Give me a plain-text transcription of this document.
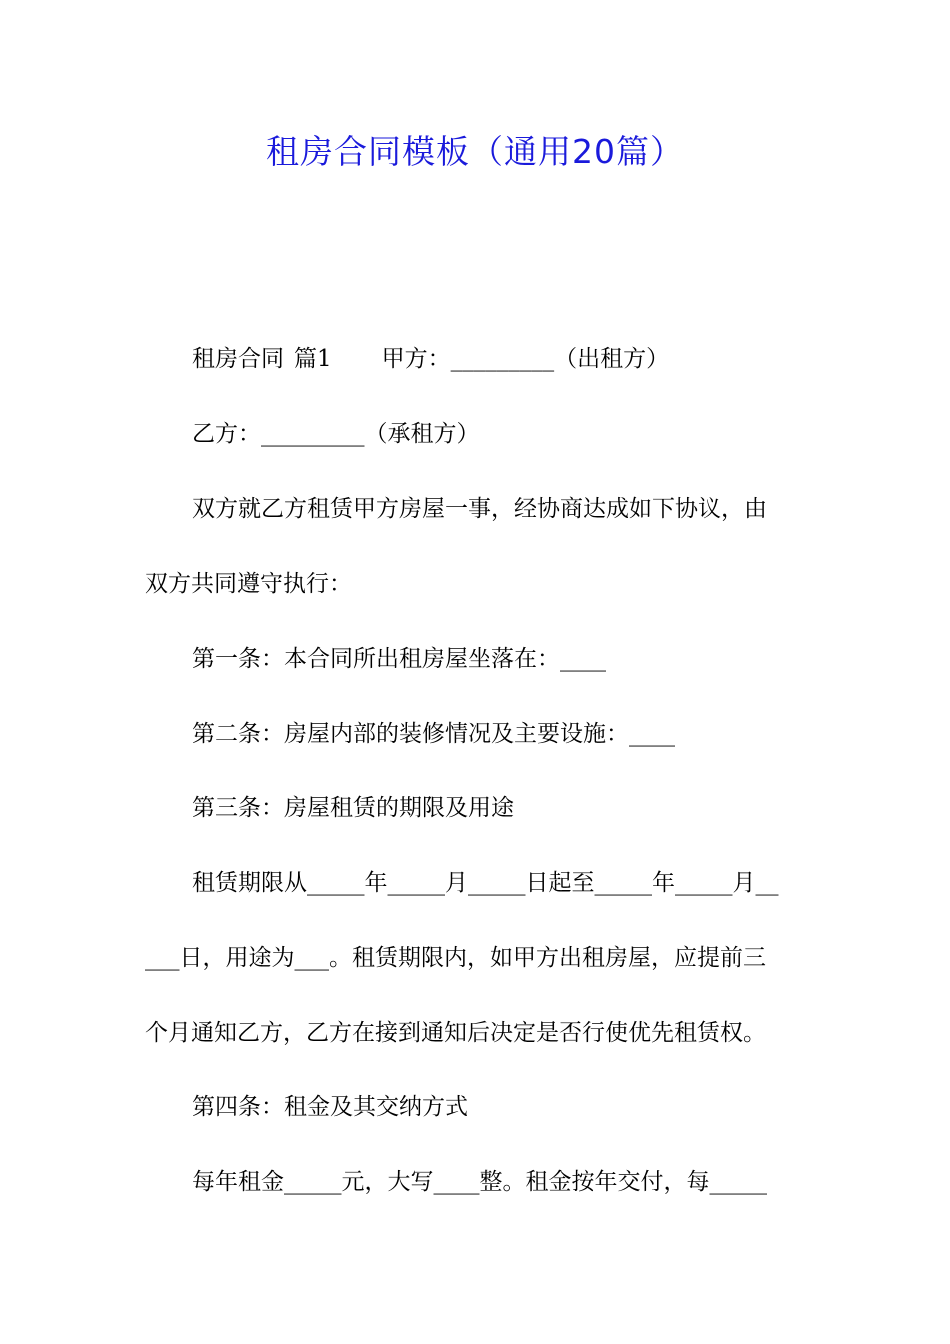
租房合同模板（通用20篇）
租房合同 篇1 甲方：_________（出租方）
乙方：_________（承租方）
双方就乙方租赁甲方房屋一事，经协商达成如下协议，由
双方共同遵守执行：
第一条：本合同所出租房屋坐落在：____
第二条：房屋内部的装修情况及主要设施：____
第三条：房屋租赁的期限及用途
租赁期限从_____年_____月_____日起至_____年_____月__
___日，用途为___。租赁期限内，如甲方出租房屋，应提前三
个月通知乙方，乙方在接到通知后决定是否行使优先租赁权。
第四条：租金及其交纳方式
每年租金_____元，大写____整。租金按年交付，每_____
